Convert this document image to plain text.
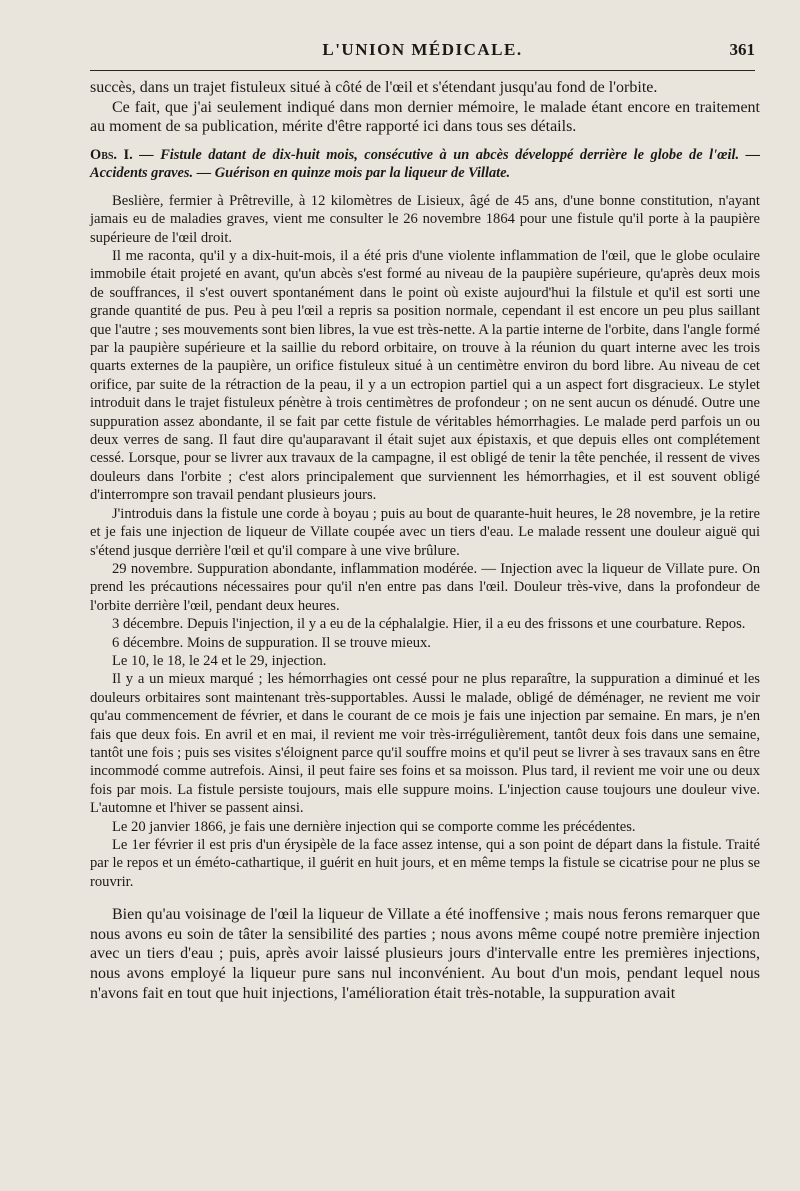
L'UNION MÉDICALE.	361

succès, dans un trajet fistuleux situé à côté de l'œil et s'étendant jusqu'au fond de l'orbite.

Ce fait, que j'ai seulement indiqué dans mon dernier mémoire, le malade étant encore en traitement au moment de sa publication, mérite d'être rapporté ici dans tous ses détails.

Obs. I. — Fistule datant de dix-huit mois, consécutive à un abcès développé derrière le globe de l'œil. — Accidents graves. — Guérison en quinze mois par la liqueur de Villate.

Beslière, fermier à Prêtreville, à 12 kilomètres de Lisieux, âgé de 45 ans, d'une bonne constitution, n'ayant jamais eu de maladies graves, vient me consulter le 26 novembre 1864 pour une fistule qu'il porte à la paupière supérieure de l'œil droit.

Il me raconta, qu'il y a dix-huit-mois, il a été pris d'une violente inflammation de l'œil, que le globe oculaire immobile était projeté en avant, qu'un abcès s'est formé au niveau de la paupière supérieure, qu'après deux mois de souffrances, il s'est ouvert spontanément dans le point où existe aujourd'hui la filstule et qu'il est sorti une grande quantité de pus. Peu à peu l'œil a repris sa position normale, cependant il est encore un peu plus saillant que l'autre ; ses mouvements sont bien libres, la vue est très-nette. A la partie interne de l'orbite, dans l'angle formé par la paupière supérieure et la saillie du rebord orbitaire, on trouve à la réunion du quart interne avec les trois quarts externes de la paupière, un orifice fistuleux situé à un centimètre environ du bord libre. Au niveau de cet orifice, par suite de la rétraction de la peau, il y a un ectropion partiel qui a un aspect fort disgracieux. Le stylet introduit dans le trajet fistuleux pénètre à trois centimètres de profondeur ; on ne sent aucun os dénudé. Outre une suppuration assez abondante, il se fait par cette fistule de véritables hémorrhagies. Le malade perd parfois un ou deux verres de sang. Il faut dire qu'auparavant il était sujet aux épistaxis, et que depuis elles ont complétement cessé. Lorsque, pour se livrer aux travaux de la campagne, il est obligé de tenir la tête penchée, il ressent de vives douleurs dans l'orbite ; c'est alors principalement que surviennent les hémorrhagies, et il est souvent obligé d'interrompre son travail pendant plusieurs jours.

J'introduis dans la fistule une corde à boyau ; puis au bout de quarante-huit heures, le 28 novembre, je la retire et je fais une injection de liqueur de Villate coupée avec un tiers d'eau. Le malade ressent une douleur aiguë qui s'étend jusque derrière l'œil et qu'il compare à une vive brûlure.

29 novembre. Suppuration abondante, inflammation modérée. — Injection avec la liqueur de Villate pure. On prend les précautions nécessaires pour qu'il n'en entre pas dans l'œil. Douleur très-vive, dans la profondeur de l'orbite derrière l'œil, pendant deux heures.

3 décembre. Depuis l'injection, il y a eu de la céphalalgie. Hier, il a eu des frissons et une courbature. Repos.

6 décembre. Moins de suppuration. Il se trouve mieux.

Le 10, le 18, le 24 et le 29, injection.

Il y a un mieux marqué ; les hémorrhagies ont cessé pour ne plus reparaître, la suppuration a diminué et les douleurs orbitaires sont maintenant très-supportables. Aussi le malade, obligé de déménager, ne revient me voir qu'au commencement de février, et dans le courant de ce mois je fais une injection par semaine. En mars, je n'en fais que deux fois. En avril et en mai, il revient me voir très-irrégulièrement, tantôt deux fois dans une semaine, tantôt une fois ; puis ses visites s'éloignent parce qu'il souffre moins et qu'il peut se livrer à ses travaux sans en être incommodé comme autrefois. Ainsi, il peut faire ses foins et sa moisson. Plus tard, il revient me voir une ou deux fois par mois. La fistule persiste toujours, mais elle suppure moins. L'injection cause toujours une douleur vive. L'automne et l'hiver se passent ainsi.

Le 20 janvier 1866, je fais une dernière injection qui se comporte comme les précédentes.

Le 1er février il est pris d'un érysipèle de la face assez intense, qui a son point de départ dans la fistule. Traité par le repos et un éméto-cathartique, il guérit en huit jours, et en même temps la fistule se cicatrise pour ne plus se rouvrir.

Bien qu'au voisinage de l'œil la liqueur de Villate a été inoffensive ; mais nous ferons remarquer que nous avons eu soin de tâter la sensibilité des parties ; nous avons même coupé notre première injection avec un tiers d'eau ; puis, après avoir laissé plusieurs jours d'intervalle entre les premières injections, nous avons employé la liqueur pure sans nul inconvénient. Au bout d'un mois, pendant lequel nous n'avons fait en tout que huit injections, l'amélioration était très-notable, la suppuration avait
